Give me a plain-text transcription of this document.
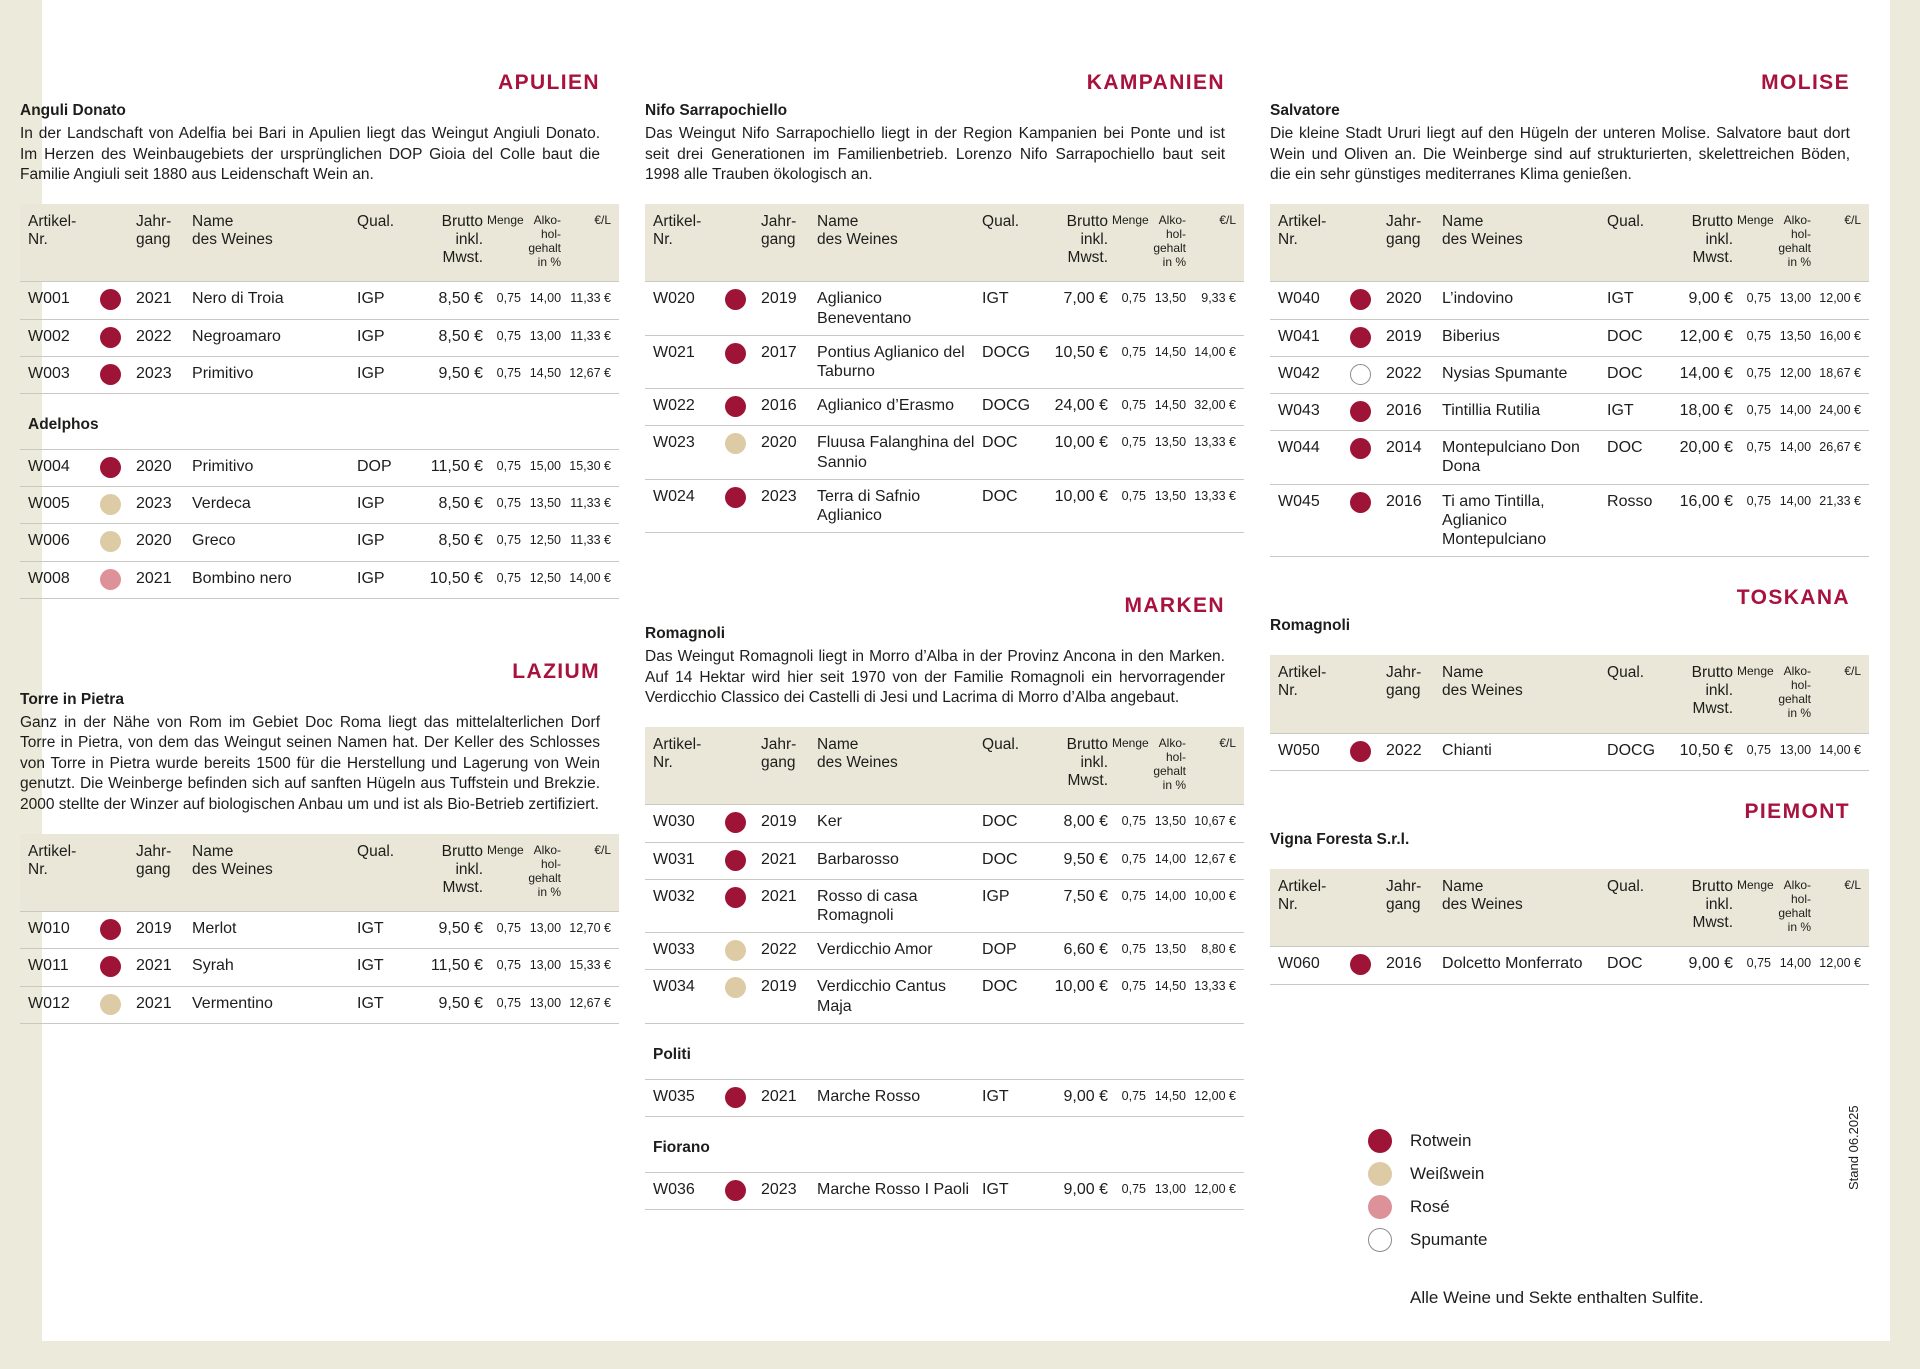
APULIEN
Anguli Donato

In der Landschaft von Adelfia bei Bari in Apulien liegt das Weingut Angiuli Donato. Im Herzen des Weinbaugebiets der ursprünglichen DOP Gioia del Colle baut die Familie Angiuli seit 1880 aus Leidenschaft Wein an.

Artikel-
Nr.		Jahr-
gang	Name
des Weines	Qual.	Brutto
inkl.
Mwst.	Menge	Alko-
hol-
gehalt
in %	€/L
W001		2021	Nero di Troia	IGP	8,50 €	0,75	14,00	11,33 €
W002		2022	Negroamaro	IGP	8,50 €	0,75	13,00	11,33 €
W003		2023	Primitivo	IGP	9,50 €	0,75	14,50	12,67 €
Adelphos
W004		2020	Primitivo	DOP	11,50 €	0,75	15,00	15,30 €
W005		2023	Verdeca	IGP	8,50 €	0,75	13,50	11,33 €
W006		2020	Greco	IGP	8,50 €	0,75	12,50	11,33 €
W008		2021	Bombino nero	IGP	10,50 €	0,75	12,50	14,00 €
LAZIUM
Torre in Pietra

Ganz in der Nähe von Rom im Gebiet Doc Roma liegt das mittelalterlichen Dorf Torre in Pietra, von dem das Weingut seinen Namen hat. Der Keller des Schlosses von Torre in Pietra wurde bereits 1500 für die Herstellung und Lagerung von Wein genutzt. Die Weinberge befinden sich auf sanften Hügeln aus Tuffstein und Brekzie. 2000 stellte der Winzer auf biologischen Anbau um und ist als Bio-Betrieb zertifiziert.

Artikel-
Nr.		Jahr-
gang	Name
des Weines	Qual.	Brutto
inkl.
Mwst.	Menge	Alko-
hol-
gehalt
in %	€/L
W010		2019	Merlot	IGT	9,50 €	0,75	13,00	12,70 €
W011		2021	Syrah	IGT	11,50 €	0,75	13,00	15,33 €
W012		2021	Vermentino	IGT	9,50 €	0,75	13,00	12,67 €
KAMPANIEN
Nifo Sarrapochiello

Das Weingut Nifo Sarrapochiello liegt in der Region Kampanien bei Ponte und ist seit drei Generationen im Familienbetrieb. Lorenzo Nifo Sarrapochiello baut seit 1998 alle Trauben ökologisch an.

Artikel-
Nr.		Jahr-
gang	Name
des Weines	Qual.	Brutto
inkl.
Mwst.	Menge	Alko-
hol-
gehalt
in %	€/L
W020		2019	Aglianico Beneventano	IGT	7,00 €	0,75	13,50	9,33 €
W021		2017	Pontius Aglianico del Taburno	DOCG	10,50 €	0,75	14,50	14,00 €
W022		2016	Aglianico d’Erasmo	DOCG	24,00 €	0,75	14,50	32,00 €
W023		2020	Fluusa Falanghina del Sannio	DOC	10,00 €	0,75	13,50	13,33 €
W024		2023	Terra di Safnio Aglianico	DOC	10,00 €	0,75	13,50	13,33 €
MARKEN
Romagnoli

Das Weingut Romagnoli liegt in Morro d’Alba in der Provinz Ancona in den Marken. Auf 14 Hektar wird hier seit 1970 von der Familie Romagnoli ein hervorragender Verdicchio Classico dei Castelli di Jesi und Lacrima di Morro d’Alba angebaut.

Artikel-
Nr.		Jahr-
gang	Name
des Weines	Qual.	Brutto
inkl.
Mwst.	Menge	Alko-
hol-
gehalt
in %	€/L
W030		2019	Ker	DOC	8,00 €	0,75	13,50	10,67 €
W031		2021	Barbarosso	DOC	9,50 €	0,75	14,00	12,67 €
W032		2021	Rosso di casa Romagnoli	IGP	7,50 €	0,75	14,00	10,00 €
W033		2022	Verdicchio Amor	DOP	6,60 €	0,75	13,50	8,80 €
W034		2019	Verdicchio Cantus Maja	DOC	10,00 €	0,75	14,50	13,33 €
Politi
W035		2021	Marche Rosso	IGT	9,00 €	0,75	14,50	12,00 €
Fiorano
W036		2023	Marche Rosso I Paoli	IGT	9,00 €	0,75	13,00	12,00 €
MOLISE
Salvatore

Die kleine Stadt Ururi liegt auf den Hügeln der unteren Molise. Salvatore baut dort Wein und Oliven an. Die Weinberge sind auf strukturierten, skelettreichen Böden, die ein sehr günstiges mediterranes Klima genießen.

Artikel-
Nr.		Jahr-
gang	Name
des Weines	Qual.	Brutto
inkl.
Mwst.	Menge	Alko-
hol-
gehalt
in %	€/L
W040		2020	L’indovino	IGT	9,00 €	0,75	13,00	12,00 €
W041		2019	Biberius	DOC	12,00 €	0,75	13,50	16,00 €
W042		2022	Nysias Spumante	DOC	14,00 €	0,75	12,00	18,67 €
W043		2016	Tintillia Rutilia	IGT	18,00 €	0,75	14,00	24,00 €
W044		2014	Montepulciano Don Dona	DOC	20,00 €	0,75	14,00	26,67 €
W045		2016	Ti amo Tintilla, Aglianico Montepulciano	Rosso	16,00 €	0,75	14,00	21,33 €
TOSKANA
Romagnoli
Artikel-
Nr.		Jahr-
gang	Name
des Weines	Qual.	Brutto
inkl.
Mwst.	Menge	Alko-
hol-
gehalt
in %	€/L
W050		2022	Chianti	DOCG	10,50 €	0,75	13,00	14,00 €
PIEMONT
Vigna Foresta S.r.l.
Artikel-
Nr.		Jahr-
gang	Name
des Weines	Qual.	Brutto
inkl.
Mwst.	Menge	Alko-
hol-
gehalt
in %	€/L
W060		2016	Dolcetto Monferrato	DOC	9,00 €	0,75	14,00	12,00 €
Rotwein
Weißwein
Rosé
Spumante
Alle Weine und Sekte enthalten Sulfite.
Stand 06.2025
